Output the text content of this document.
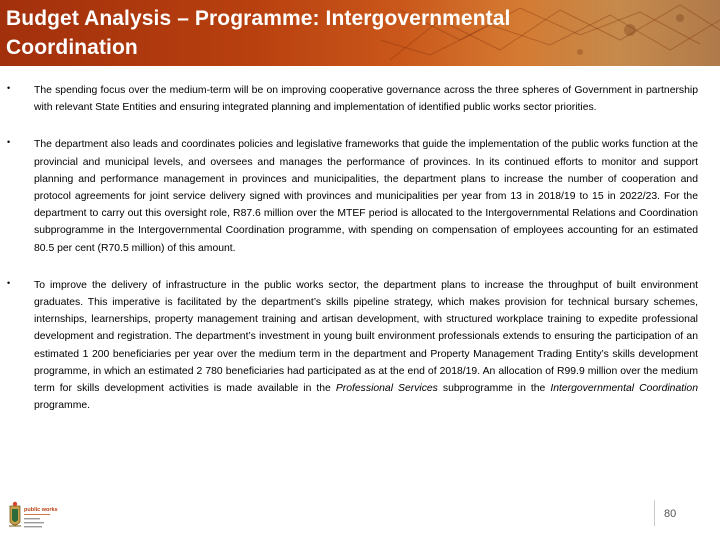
Budget Analysis – Programme: Intergovernmental
Coordination
• The spending focus over the medium-term will be on improving cooperative governance across the three spheres of Government in partnership with relevant State Entities and ensuring integrated planning and implementation of identified public works sector priorities.

• The department also leads and coordinates policies and legislative frameworks that guide the implementation of the public works function at the provincial and municipal levels, and oversees and manages the performance of provinces. In its continued efforts to monitor and support planning and performance management in provinces and municipalities, the department plans to increase the number of cooperation and protocol agreements for joint service delivery signed with provinces and municipalities per year from 13 in 2018/19 to 15 in 2022/23. For the department to carry out this oversight role, R87.6 million over the MTEF period is allocated to the Intergovernmental Relations and Coordination subprogramme in the Intergovernmental Coordination programme, with spending on compensation of employees accounting for an estimated 80.5 per cent (R70.5 million) of this amount.

• To improve the delivery of infrastructure in the public works sector, the department plans to increase the throughput of built environment graduates. This imperative is facilitated by the department’s skills pipeline strategy, which makes provision for technical bursary schemes, internships, learnerships, property management training and artisan development, with structured workplace training to expedite professional development and registration. The department’s investment in young built environment professionals extends to ensuring the participation of an estimated 1 200 beneficiaries per year over the medium term in the department and Property Management Trading Entity’s skills development programme, in which an estimated 2 780 beneficiaries had participated as at the end of 2018/19. An allocation of R99.9 million over the medium term for skills development activities is made available in the Professional Services subprogramme in the Intergovernmental Coordination programme.

public works	80
